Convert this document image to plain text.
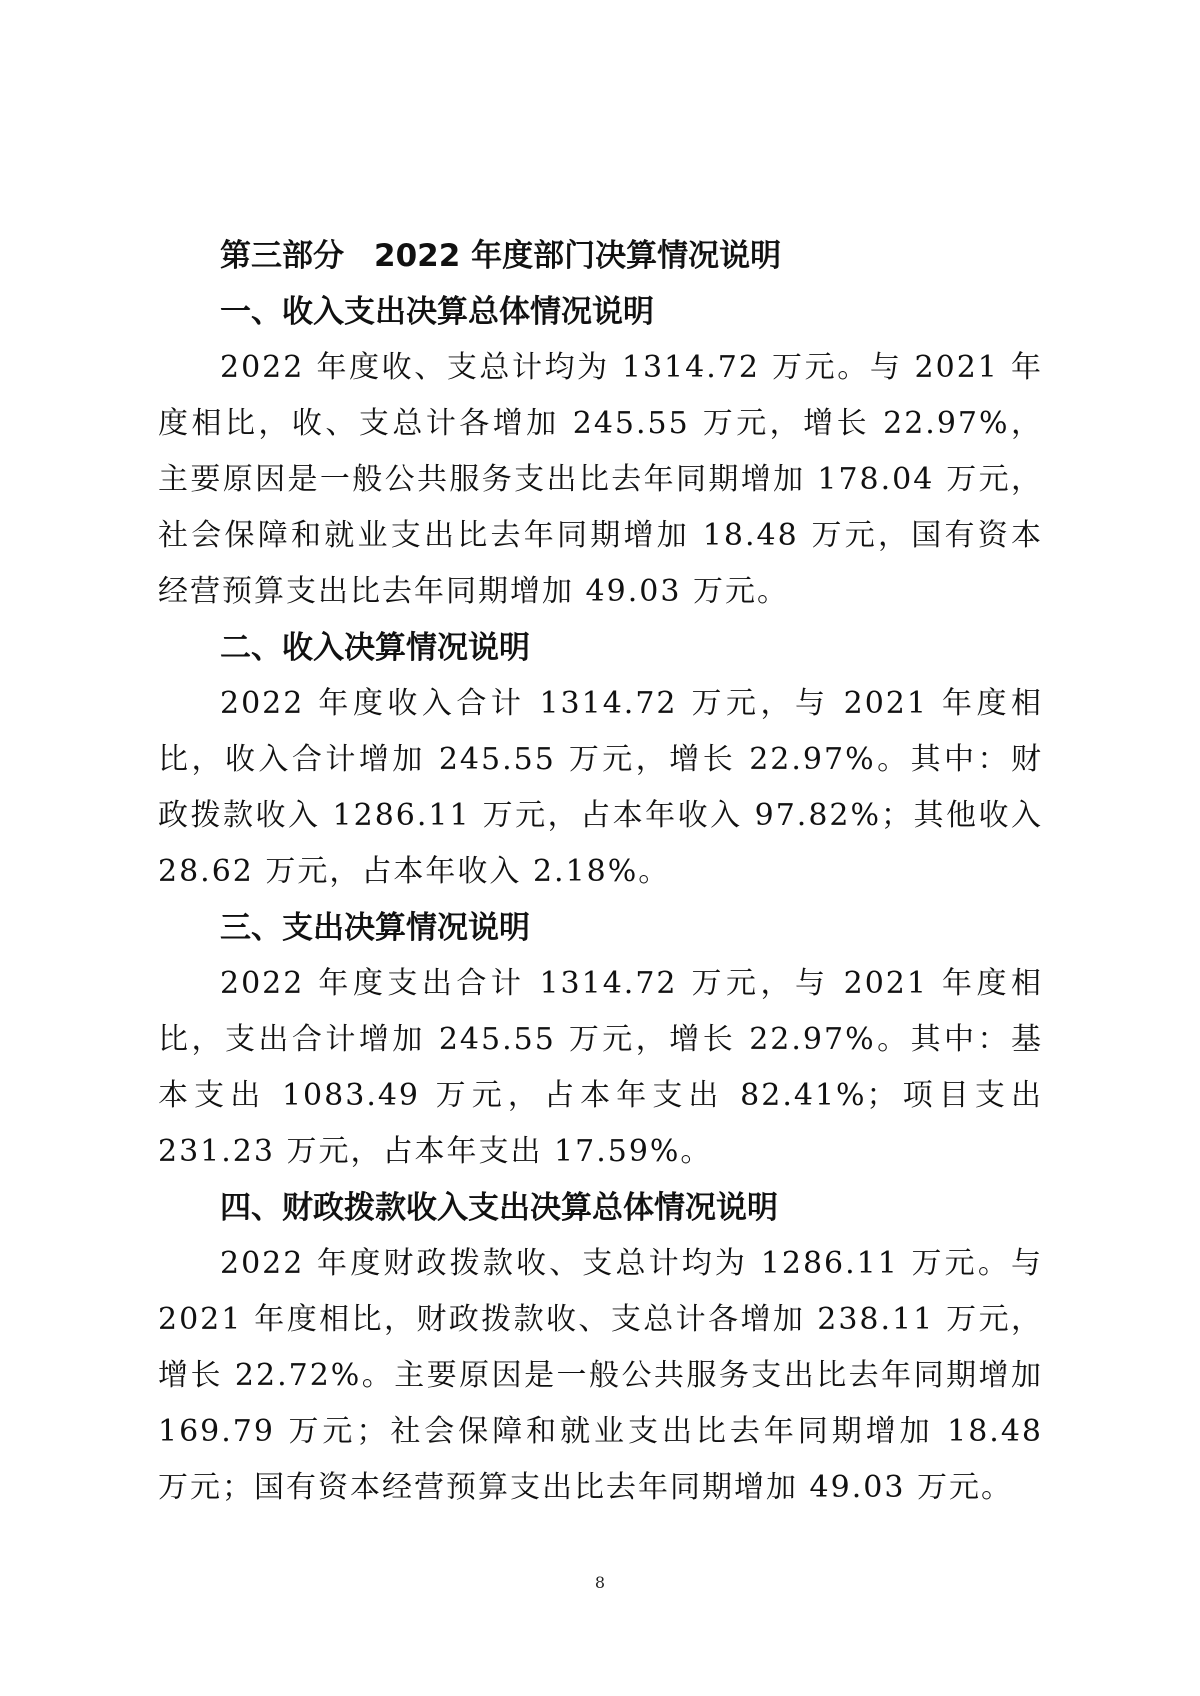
第三部分 2022 年度部门决算情况说明
一、收入支出决算总体情况说明

2022 年度收、支总计均为 1314.72 万元。与 2021 年度相比，收、支总计各增加 245.55 万元，增长 22.97%，主要原因是一般公共服务支出比去年同期增加 178.04 万元，社会保障和就业支出比去年同期增加 18.48 万元，国有资本经营预算支出比去年同期增加 49.03 万元。

二、收入决算情况说明

2022 年度收入合计 1314.72 万元，与 2021 年度相比，收入合计增加 245.55 万元，增长 22.97%。其中：财政拨款收入 1286.11 万元，占本年收入 97.82%；其他收入 28.62 万元，占本年收入 2.18%。

三、支出决算情况说明

2022 年度支出合计 1314.72 万元，与 2021 年度相比，支出合计增加 245.55 万元，增长 22.97%。其中：基本支出 1083.49 万元，占本年支出 82.41%；项目支出 231.23 万元，占本年支出 17.59%。

四、财政拨款收入支出决算总体情况说明

2022 年度财政拨款收、支总计均为 1286.11 万元。与 2021 年度相比，财政拨款收、支总计各增加 238.11 万元，增长 22.72%。主要原因是一般公共服务支出比去年同期增加 169.79 万元；社会保障和就业支出比去年同期增加 18.48 万元；国有资本经营预算支出比去年同期增加 49.03 万元。

8
